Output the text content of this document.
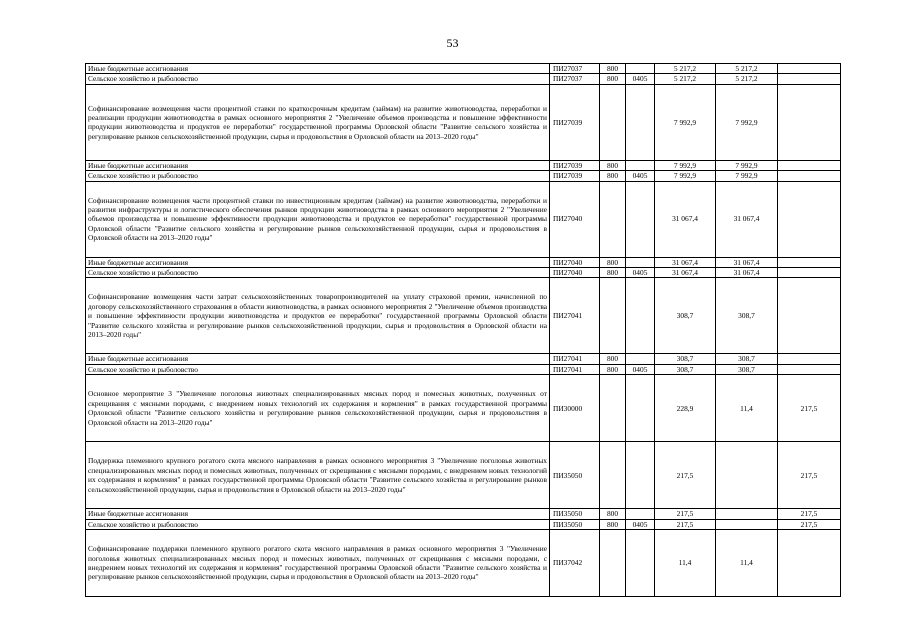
53
Иные бюджетные ассигнования	ПИ27037	800		5 217,2	5 217,2	
Сельское хозяйство и рыболовство	ПИ27037	800	0405	5 217,2	5 217,2	
Софинансирование возмещения части процентной ставки по краткосрочным кредитам (займам) на развитие животноводства, переработки и реализации продукции животноводства в рамках основного мероприятия 2 "Увеличение объемов производства и повышение эффективности продукции животноводства и продуктов ее переработки" государственной программы Орловской области "Развитие сельского хозяйства и регулирование рынков сельскохозяйственной продукции, сырья и продовольствия в Орловской области на 2013–2020 годы"	ПИ27039			7 992,9	7 992,9	
Иные бюджетные ассигнования	ПИ27039	800		7 992,9	7 992,9	
Сельское хозяйство и рыболовство	ПИ27039	800	0405	7 992,9	7 992,9	
Софинансирование возмещения части процентной ставки по инвестиционным кредитам (займам) на развитие животноводства, переработки и развития инфраструктуры и логистического обеспечения рынков продукции животноводства в рамках основного мероприятия 2 "Увеличение объемов производства и повышение эффективности продукции животноводства и продуктов ее переработки" государственной программы Орловской области "Развитие сельского хозяйства и регулирование рынков сельскохозяйственной продукции, сырья и продовольствия в Орловской области на 2013–2020 годы"	ПИ27040			31 067,4	31 067,4	
Иные бюджетные ассигнования	ПИ27040	800		31 067,4	31 067,4	
Сельское хозяйство и рыболовство	ПИ27040	800	0405	31 067,4	31 067,4	
Софинансирование возмещения части затрат сельскохозяйственных товаропроизводителей на уплату страховой премии, начисленной по договору сельскохозяйственного страхования в области животноводства, в рамках основного мероприятия 2 "Увеличение объемов производства и повышение эффективности продукции животноводства и продуктов ее переработки" государственной программы Орловской области "Развитие сельского хозяйства и регулирование рынков сельскохозяйственной продукции, сырья и продовольствия в Орловской области на 2013–2020 годы"	ПИ27041			308,7	308,7	
Иные бюджетные ассигнования	ПИ27041	800		308,7	308,7	
Сельское хозяйство и рыболовство	ПИ27041	800	0405	308,7	308,7	
Основное мероприятие 3 "Увеличение поголовья животных специализированных мясных пород и помесных животных, полученных от скрещивания с мясными породами, с внедрением новых технологий их содержания и кормления" в рамках государственной программы Орловской области "Развитие сельского хозяйства и регулирование рынков сельскохозяйственной продукции, сырья и продовольствия в Орловской области на 2013–2020 годы"	ПИ30000			228,9	11,4	217,5
Поддержка племенного крупного рогатого скота мясного направления в рамках основного мероприятия 3 "Увеличение поголовья животных специализированных мясных пород и помесных животных, полученных от скрещивания с мясными породами, с внедрением новых технологий их содержания и кормления" в рамках государственной программы Орловской области "Развитие сельского хозяйства и регулирование рынков сельскохозяйственной продукции, сырья и продовольствия в Орловской области на 2013–2020 годы"	ПИ35050			217,5		217,5
Иные бюджетные ассигнования	ПИ35050	800		217,5		217,5
Сельское хозяйство и рыболовство	ПИ35050	800	0405	217,5		217,5
Софинансирование поддержки племенного крупного рогатого скота мясного направления в рамках основного мероприятия 3 "Увеличение поголовья животных специализированных мясных пород и помесных животных, полученных от скрещивания с мясными породами, с внедрением новых технологий их содержания и кормления" государственной программы Орловской области "Развитие сельского хозяйства и регулирование рынков сельскохозяйственной продукции, сырья и продовольствия в Орловской области на 2013–2020 годы"	ПИ37042			11,4	11,4	
